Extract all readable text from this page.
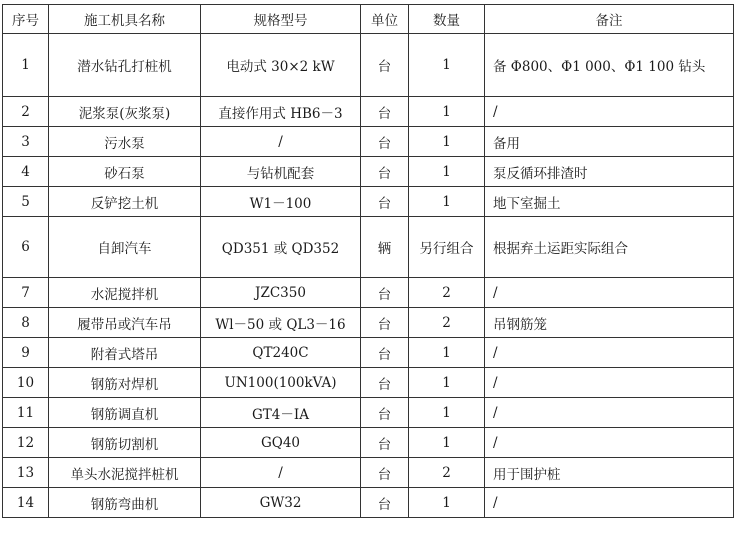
序号	施工机具名称	规格型号	单位	数量	备注
1	潜水钻孔打桩机	电动式 30×2 kW	台	1	备 Φ800、Φ1 000、Φ1 100 钻头
2	泥浆泵(灰浆泵)	直接作用式 HB6－3	台	1	/
3	污水泵	/	台	1	备用
4	砂石泵	与钻机配套	台	1	泵反循环排渣时
5	反铲挖土机	W1－100	台	1	地下室掘土
6	自卸汽车	QD351 或 QD352	辆	另行组合	根据弃土运距实际组合
7	水泥搅拌机	JZC350	台	2	/
8	履带吊或汽车吊	Wl－50 或 QL3－16	台	2	吊钢筋笼
9	附着式塔吊	QT240C	台	1	/
10	钢筋对焊机	UN100(100kVA)	台	1	/
11	钢筋调直机	GT4－IA	台	1	/
12	钢筋切割机	GQ40	台	1	/
13	单头水泥搅拌桩机	/	台	2	用于围护桩
14	钢筋弯曲机	GW32	台	1	/
